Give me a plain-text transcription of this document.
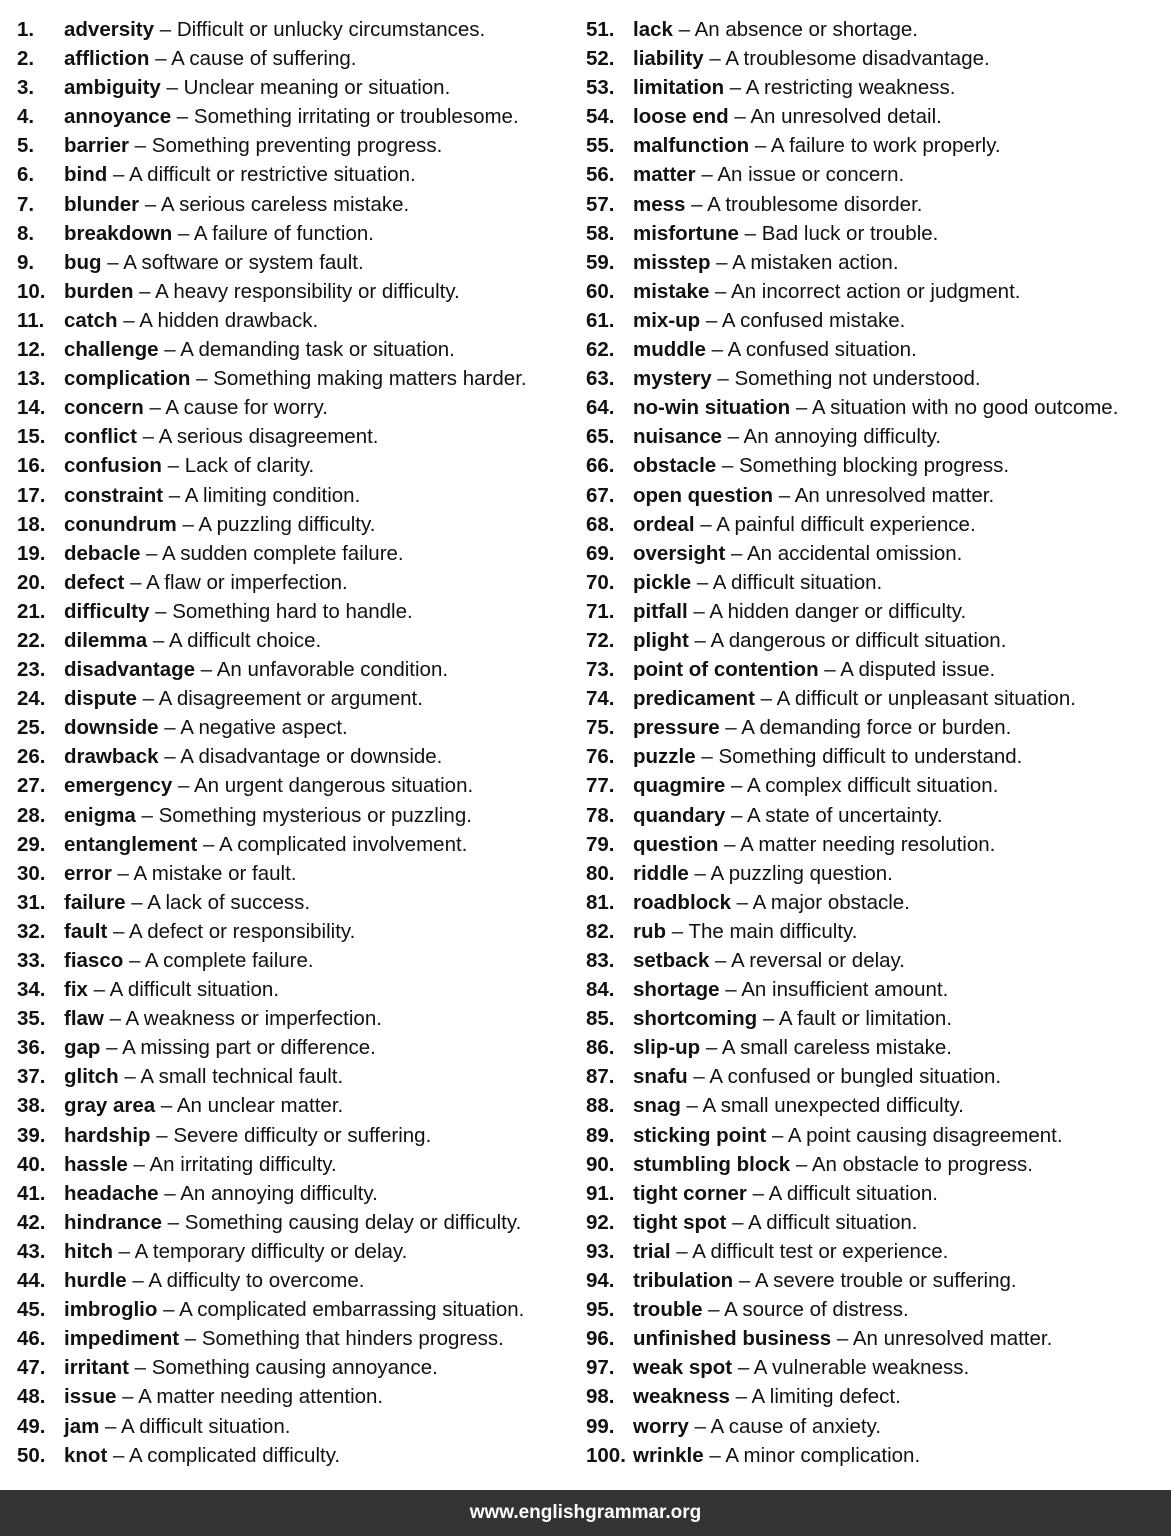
1.	adversity – Difficult or unlucky circumstances.
2.	affliction – A cause of suffering.
3.	ambiguity – Unclear meaning or situation.
4.	annoyance – Something irritating or troublesome.
5.	barrier – Something preventing progress.
6.	bind – A difficult or restrictive situation.
7.	blunder – A serious careless mistake.
8.	breakdown – A failure of function.
9.	bug – A software or system fault.
10. burden – A heavy responsibility or difficulty.
11. catch – A hidden drawback.
12. challenge – A demanding task or situation.
13. complication – Something making matters harder.
14. concern – A cause for worry.
15. conflict – A serious disagreement.
16. confusion – Lack of clarity.
17. constraint – A limiting condition.
18. conundrum – A puzzling difficulty.
19. debacle – A sudden complete failure.
20. defect – A flaw or imperfection.
21. difficulty – Something hard to handle.
22. dilemma – A difficult choice.
23. disadvantage – An unfavorable condition.
24. dispute – A disagreement or argument.
25. downside – A negative aspect.
26. drawback – A disadvantage or downside.
27. emergency – An urgent dangerous situation.
28. enigma – Something mysterious or puzzling.
29. entanglement – A complicated involvement.
30. error – A mistake or fault.
31. failure – A lack of success.
32. fault – A defect or responsibility.
33. fiasco – A complete failure.
34. fix – A difficult situation.
35. flaw – A weakness or imperfection.
36. gap – A missing part or difference.
37. glitch – A small technical fault.
38. gray area – An unclear matter.
39. hardship – Severe difficulty or suffering.
40. hassle – An irritating difficulty.
41. headache – An annoying difficulty.
42. hindrance – Something causing delay or difficulty.
43. hitch – A temporary difficulty or delay.
44. hurdle – A difficulty to overcome.
45. imbroglio – A complicated embarrassing situation.
46. impediment – Something that hinders progress.
47. irritant – Something causing annoyance.
48. issue – A matter needing attention.
49. jam – A difficult situation.
50. knot – A complicated difficulty.
51. lack – An absence or shortage.
52. liability – A troublesome disadvantage.
53. limitation – A restricting weakness.
54. loose end – An unresolved detail.
55. malfunction – A failure to work properly.
56. matter – An issue or concern.
57. mess – A troublesome disorder.
58. misfortune – Bad luck or trouble.
59. misstep – A mistaken action.
60. mistake – An incorrect action or judgment.
61. mix-up – A confused mistake.
62. muddle – A confused situation.
63. mystery – Something not understood.
64. no-win situation – A situation with no good outcome.
65. nuisance – An annoying difficulty.
66. obstacle – Something blocking progress.
67. open question – An unresolved matter.
68. ordeal – A painful difficult experience.
69. oversight – An accidental omission.
70. pickle – A difficult situation.
71. pitfall – A hidden danger or difficulty.
72. plight – A dangerous or difficult situation.
73. point of contention – A disputed issue.
74. predicament – A difficult or unpleasant situation.
75. pressure – A demanding force or burden.
76. puzzle – Something difficult to understand.
77. quagmire – A complex difficult situation.
78. quandary – A state of uncertainty.
79. question – A matter needing resolution.
80. riddle – A puzzling question.
81. roadblock – A major obstacle.
82. rub – The main difficulty.
83. setback – A reversal or delay.
84. shortage – An insufficient amount.
85. shortcoming – A fault or limitation.
86. slip-up – A small careless mistake.
87. snafu – A confused or bungled situation.
88. snag – A small unexpected difficulty.
89. sticking point – A point causing disagreement.
90. stumbling block – An obstacle to progress.
91. tight corner – A difficult situation.
92. tight spot – A difficult situation.
93. trial – A difficult test or experience.
94. tribulation – A severe trouble or suffering.
95. trouble – A source of distress.
96. unfinished business – An unresolved matter.
97. weak spot – A vulnerable weakness.
98. weakness – A limiting defect.
99. worry – A cause of anxiety.
100. wrinkle – A minor complication.
www.englishgrammar.org
